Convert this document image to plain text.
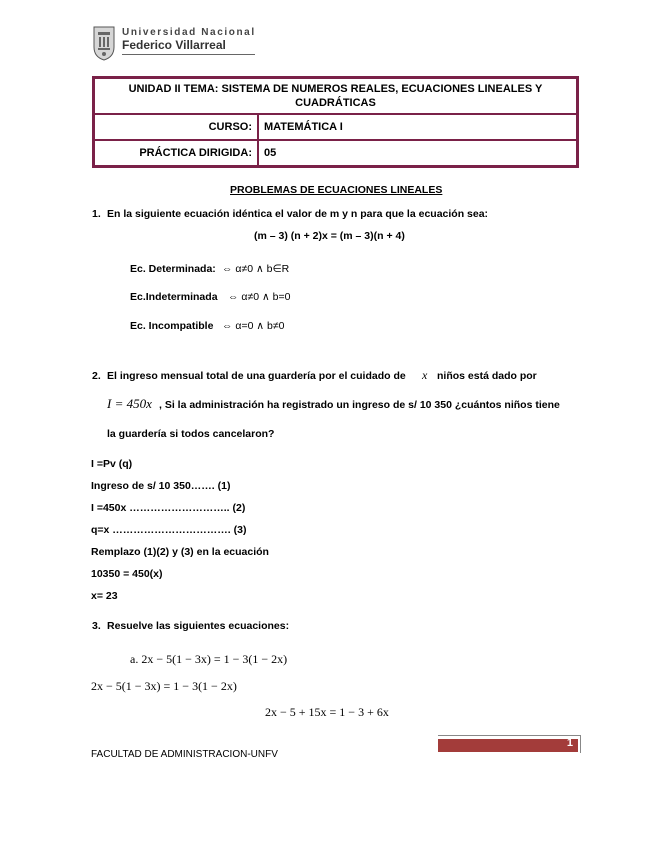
Universidad Nacional
Federico Villarreal
UNIDAD II TEMA: SISTEMA DE NUMEROS REALES, ECUACIONES LINEALES Y CUADRÁTICAS	
CURSO:	MATEMÁTICA I
PRÁCTICA DIRIGIDA:	05
PROBLEMAS DE ECUACIONES LINEALES
1. En la siguiente ecuación idéntica el valor de m y n para que la ecuación sea:
(m – 3) (n + 2)x = (m – 3)(n + 4)
Ec. Determinada: ⇔ α≠0 ∧ b∈R
Ec.Indeterminada ⇔ α≠0 ∧ b=0
Ec. Incompatible ⇔ α=0 ∧ b≠0
2. El ingreso mensual total de una guardería por el cuidado de x niños está dado por
I = 450x , Si la administración ha registrado un ingreso de s/ 10 350 ¿cuántos niños tiene
la guardería si todos cancelaron?
I =Pv (q)
Ingreso de s/ 10 350……. (1)
I =450x ……………………….. (2)
q=x ……………………………. (3)
Remplazo (1)(2) y (3) en la ecuación
10350 = 450(x)
x= 23
3. Resuelve las siguientes ecuaciones:
a. 2x − 5(1 − 3x) = 1 − 3(1 − 2x)
2x − 5(1 − 3x) = 1 − 3(1 − 2x)
2x − 5 + 15x = 1 − 3 + 6x
FACULTAD DE ADMINISTRACION-UNFV
1
